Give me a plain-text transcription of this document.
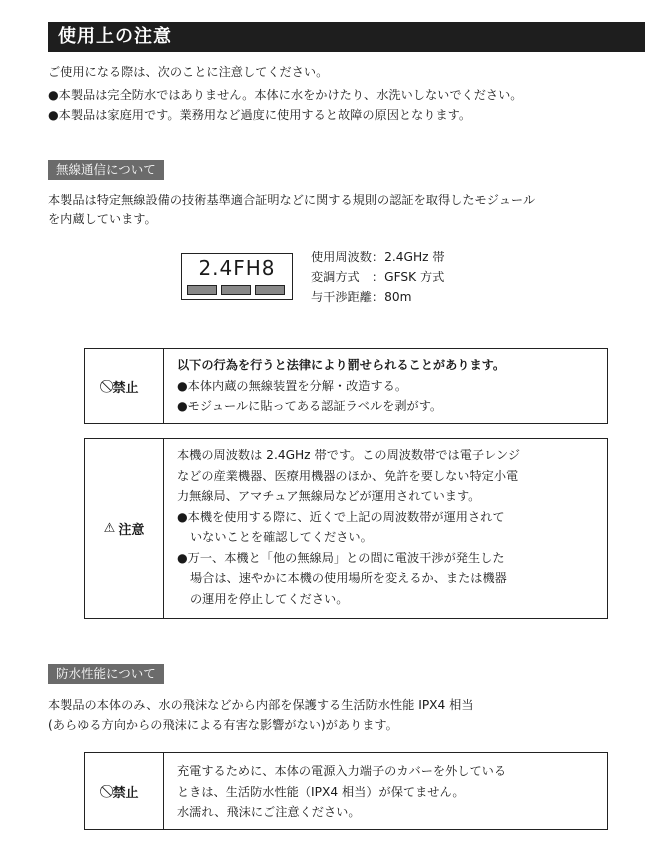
使用上の注意
ご使用になる際は、次のことに注意してください。
●本製品は完全防水ではありません。本体に水をかけたり、水洗いしないでください。
●本製品は家庭用です。業務用など過度に使用すると故障の原因となります。
無線通信について
本製品は特定無線設備の技術基準適合証明などに関する規則の認証を取得したモジュール
を内蔵しています。
2.4FH8	使用周波数：2.4GHz 帯
変調方式　：GFSK 方式
与干渉距離：80m
禁止
以下の行為を行うと法律により罰せられることがあります。
●本体内蔵の無線装置を分解・改造する。
●モジュールに貼ってある認証ラベルを剥がす。
⚠ 注意
本機の周波数は 2.4GHz 帯です。この周波数帯では電子レンジ
などの産業機器、医療用機器のほか、免許を要しない特定小電
力無線局、アマチュア無線局などが運用されています。
●本機を使用する際に、近くで上記の周波数帯が運用されて
いないことを確認してください。
●万一、本機と「他の無線局」との間に電波干渉が発生した
場合は、速やかに本機の使用場所を変えるか、または機器
の運用を停止してください。
防水性能について
本製品の本体のみ、水の飛沫などから内部を保護する生活防水性能 IPX4 相当
(あらゆる方向からの飛沫による有害な影響がない)があります。
禁止
充電するために、本体の電源入力端子のカバーを外している
ときは、生活防水性能（IPX4 相当）が保てません。
水濡れ、飛沫にご注意ください。
